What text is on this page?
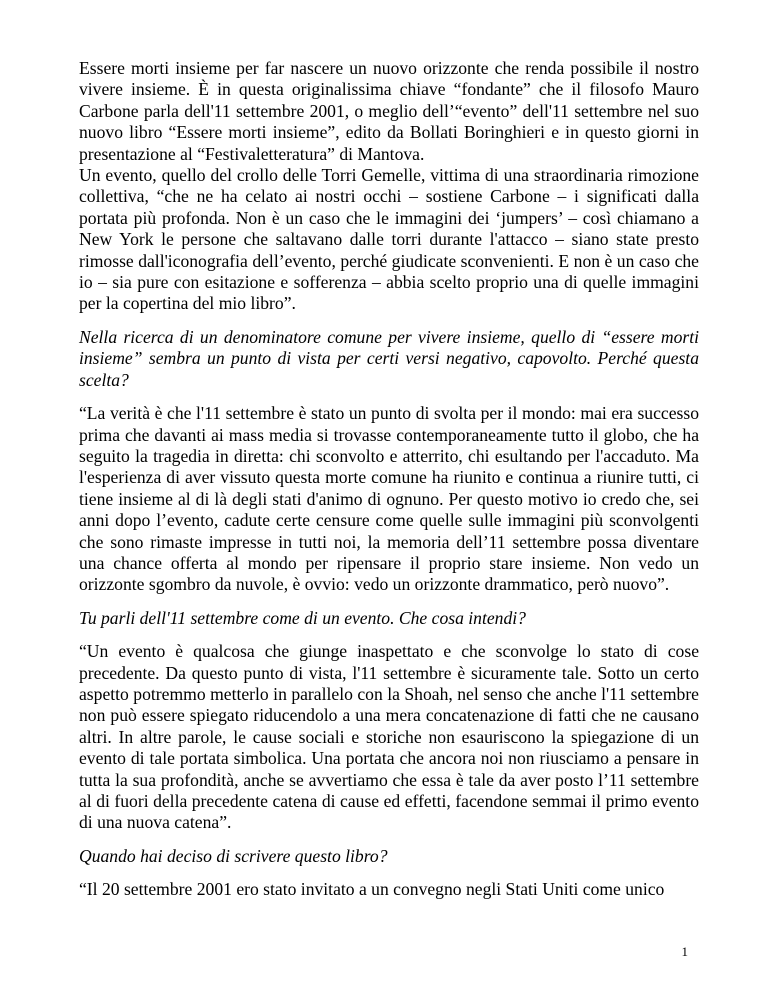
Essere morti insieme per far nascere un nuovo orizzonte che renda possibile il nostro vivere insieme. È in questa originalissima chiave “fondante” che il filosofo Mauro Carbone parla dell'11 settembre 2001, o meglio dell’“evento” dell'11 settembre nel suo nuovo libro “Essere morti insieme”, edito da Bollati Boringhieri e in questo giorni in presentazione al “Festivaletteratura” di Mantova.

Un evento, quello del crollo delle Torri Gemelle, vittima di una straordinaria rimozione collettiva, “che ne ha celato ai nostri occhi – sostiene Carbone – i significati dalla portata più profonda. Non è un caso che le immagini dei ‘jumpers’ – così chiamano a New York le persone che saltavano dalle torri durante l'attacco – siano state presto rimosse dall'iconografia dell’evento, perché giudicate sconvenienti. E non è un caso che io – sia pure con esitazione e sofferenza – abbia scelto proprio una di quelle immagini per la copertina del mio libro”.

Nella ricerca di un denominatore comune per vivere insieme, quello di “essere morti insieme” sembra un punto di vista per certi versi negativo, capovolto. Perché questa scelta?

“La verità è che l'11 settembre è stato un punto di svolta per il mondo: mai era successo prima che davanti ai mass media si trovasse contemporaneamente tutto il globo, che ha seguito la tragedia in diretta: chi sconvolto e atterrito, chi esultando per l'accaduto. Ma l'esperienza di aver vissuto questa morte comune ha riunito e continua a riunire tutti, ci tiene insieme al di là degli stati d'animo di ognuno. Per questo motivo io credo che, sei anni dopo l’evento, cadute certe censure come quelle sulle immagini più sconvolgenti che sono rimaste impresse in tutti noi, la memoria dell’11 settembre possa diventare una chance offerta al mondo per ripensare il proprio stare insieme. Non vedo un orizzonte sgombro da nuvole, è ovvio: vedo un orizzonte drammatico, però nuovo”.

Tu parli dell'11 settembre come di un evento. Che cosa intendi?

“Un evento è qualcosa che giunge inaspettato e che sconvolge lo stato di cose precedente. Da questo punto di vista, l'11 settembre è sicuramente tale. Sotto un certo aspetto potremmo metterlo in parallelo con la Shoah, nel senso che anche l'11 settembre non può essere spiegato riducendolo a una mera concatenazione di fatti che ne causano altri. In altre parole, le cause sociali e storiche non esauriscono la spiegazione di un evento di tale portata simbolica. Una portata che ancora noi non riusciamo a pensare in tutta la sua profondità, anche se avvertiamo che essa è tale da aver posto l’11 settembre al di fuori della precedente catena di cause ed effetti, facendone semmai il primo evento di una nuova catena”.

Quando hai deciso di scrivere questo libro?

“Il 20 settembre 2001 ero stato invitato a un convegno negli Stati Uniti come unico

1
